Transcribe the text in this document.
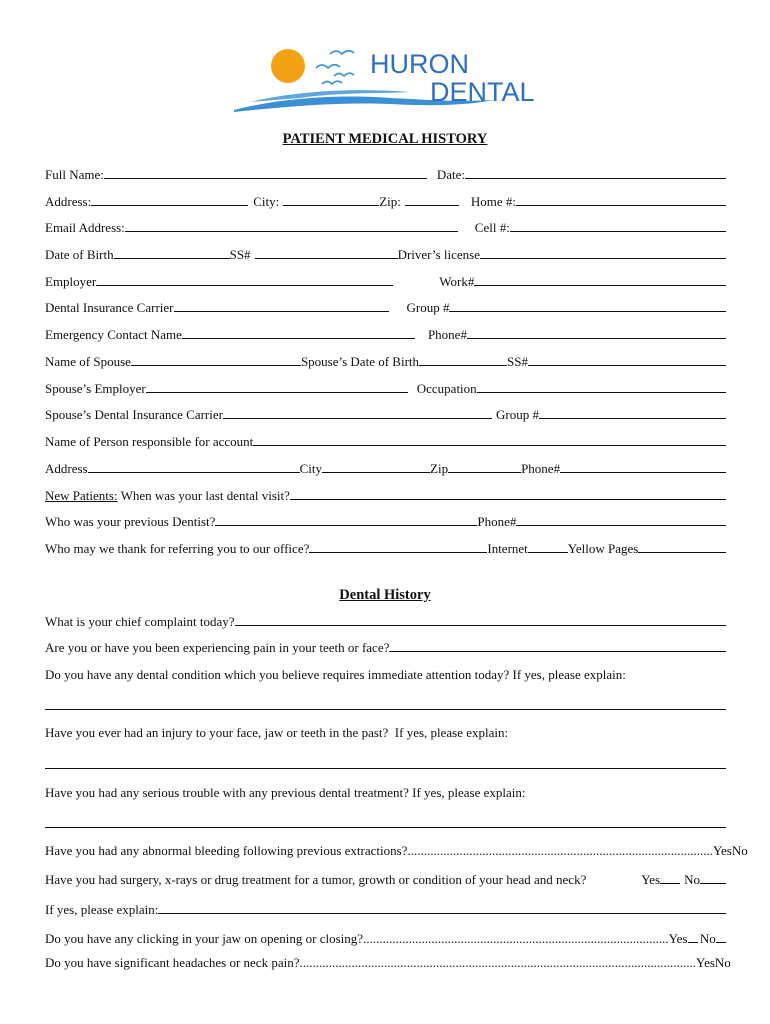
HURON
DENTAL
PATIENT MEDICAL HISTORY
Full Name:	Date:
Address:	City:	Zip:	Home #:
Email Address:	Cell #:
Date of Birth	SS#	Driver’s license
Employer	Work#
Dental Insurance Carrier	Group #
Emergency Contact Name	Phone#
Name of Spouse	Spouse’s Date of Birth	SS#
Spouse’s Employer	Occupation
Spouse’s Dental Insurance Carrier	Group #
Name of Person responsible for account
Address	City	Zip	Phone#
New Patients: When was your last dental visit?
Who was your previous Dentist?	Phone#
Who may we thank for referring you to our office?	Internet	Yellow Pages
Dental History
What is your chief complaint today?
Are you or have you been experiencing pain in your teeth or face?
Do you have any dental condition which you believe requires immediate attention today? If yes, please explain:
Have you ever had an injury to your face, jaw or teeth in the past?  If yes, please explain:
Have you had any serious trouble with any previous dental treatment? If yes, please explain:
Have you had any abnormal bleeding following previous extractions? .............................................................................................. Yes No
Have you had surgery, x-rays or drug treatment for a tumor, growth or condition of your head and neck?	Yes No
If yes, please explain:
Do you have any clicking in your jaw on opening or closing? .............................................................................................. Yes No
Do you have significant headaches or neck pain? .......................................................................................................................... Yes No
